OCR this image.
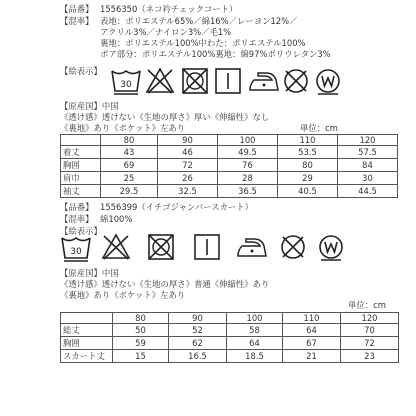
【品番】 1556350（ネコ衿チェックコート）
【混率】 表地：ポリエステル65%／綿16%／レーヨン12%／
アクリル3%／ナイロン3%／毛1%
裏地：ポリエステル100%中わた：ポリエステル100%
ボア部分：ポリエステル100%裏地：綿97%ポリウレタン3%
【絵表示】
30
【原産国】中国
《透け感》透けない《生地の厚さ》厚い《伸縮性》なし
《裏地》あり《ポケット》左あり	単位：cm
	80	90	100	110	120
着丈	43	46	49.5	53.5	57.5
胸囲	69	72	76	80	84
肩巾	25	26	28	29	30
袖丈	29.5	32.5	36.5	40.5	44.5
【品番】 1556399（イチゴジャンバースカート）
【混率】 綿100%
【絵表示】
30
【原産国】中国
《透け感》透けない《生地の厚さ》普通《伸縮性》あり
《裏地》あり《ポケット》左あり
単位：cm
	80	90	100	110	120
総丈	50	52	58	64	70
胸囲	59	62	64	67	72
スカート丈	15	16.5	18.5	21	23
